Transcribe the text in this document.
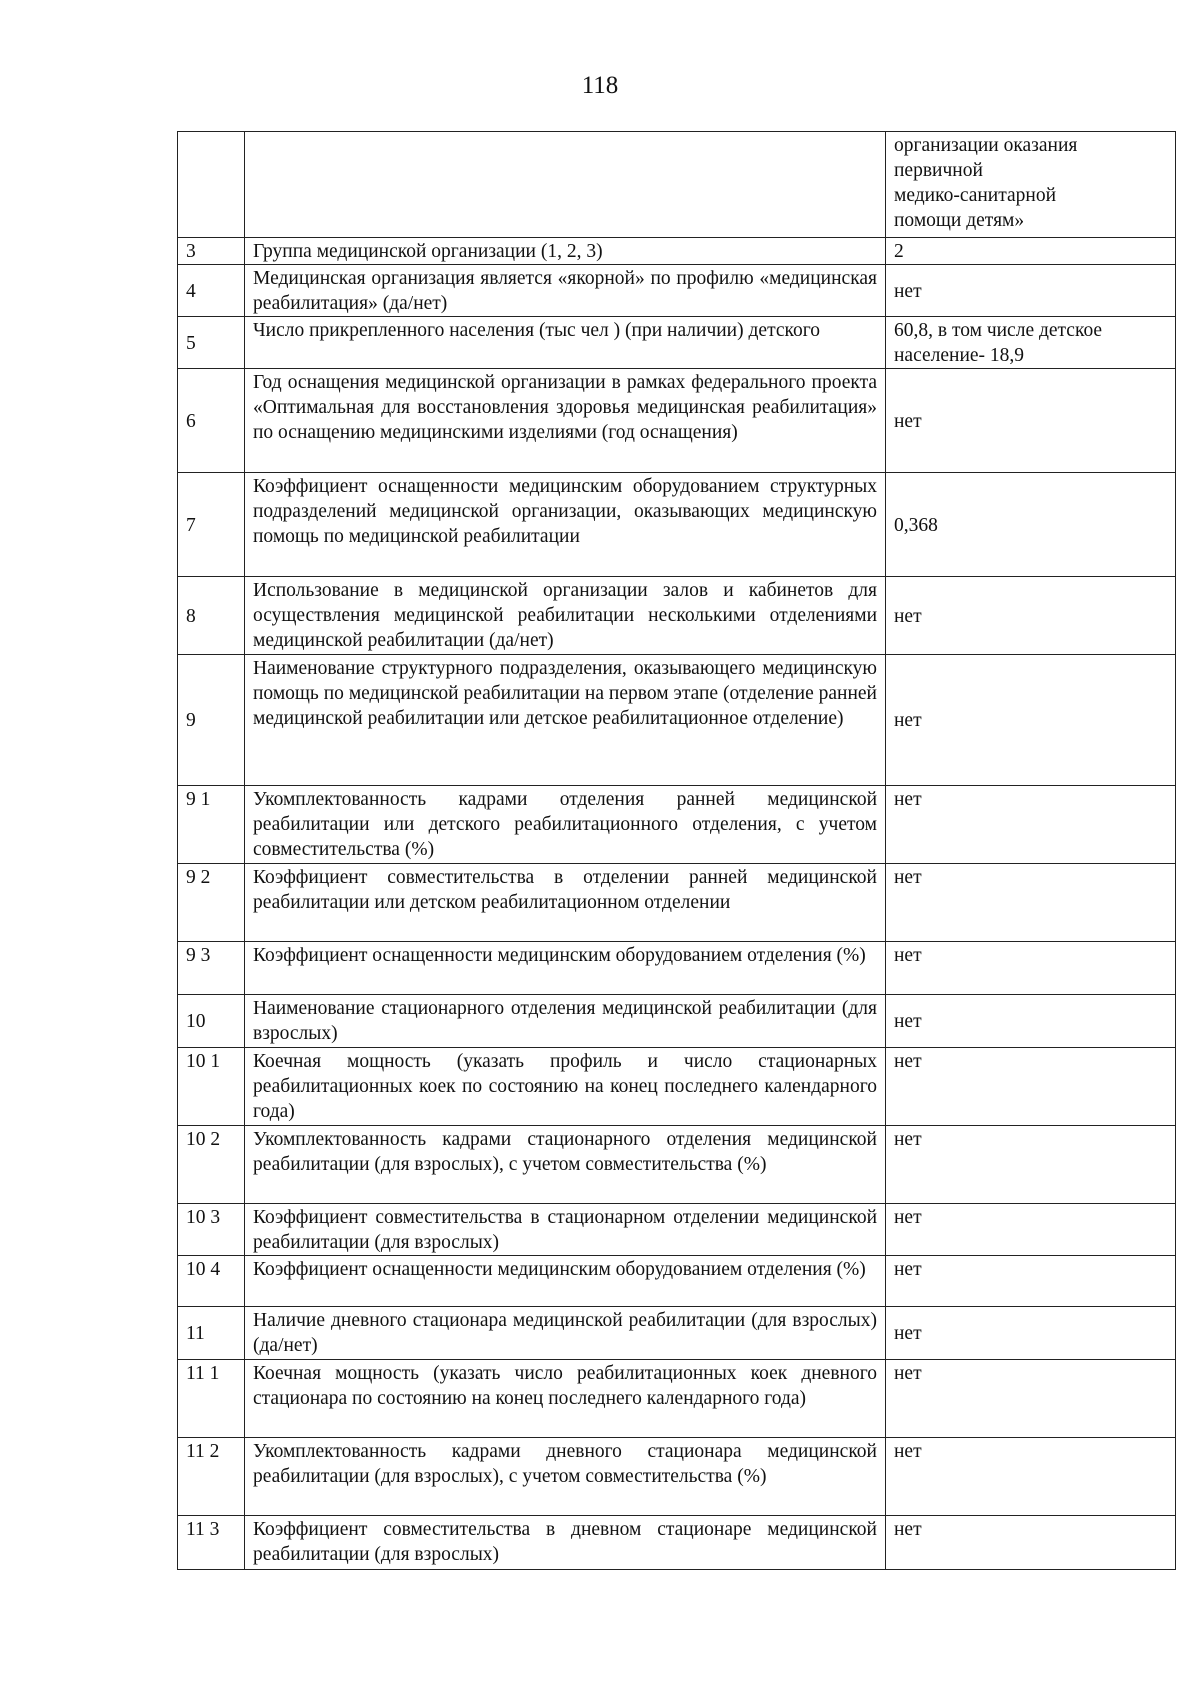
118

		организации оказания
первичной
медико-санитарной
помощи детям»

3	Группа медицинской организации (1, 2, 3)	2
4	Медицинская организация является «якорной» по профилю «медицинская реабилитация» (да/нет)	нет
5	Число прикрепленного населения (тыс чел ) (при наличии) детского	60,8, в том числе детское население- 18,9
6	Год оснащения медицинской организации в рамках федерального проекта «Оптимальная для восстановления здоровья медицинская реабилитация» по оснащению медицинскими изделиями (год оснащения)	нет
7	Коэффициент оснащенности медицинским оборудованием структурных подразделений медицинской организации, оказывающих медицинскую помощь по медицинской реабилитации	0,368
8	Использование в медицинской организации залов и кабинетов для осуществления медицинской реабилитации несколькими отделениями медицинской реабилитации (да/нет)	нет
9	Наименование структурного подразделения, оказывающего медицинскую помощь по медицинской реабилитации на первом этапе (отделение ранней медицинской реабилитации или детское реабилитационное отделение)	нет
9 1	Укомплектованность кадрами отделения ранней медицинской реабилитации или детского реабилитационного отделения, с учетом совместительства (%)	нет
9 2	Коэффициент совместительства в отделении ранней медицинской реабилитации или детском реабилитационном отделении	нет
9 3	Коэффициент оснащенности медицинским оборудованием отделения (%)	нет
10	Наименование стационарного отделения медицинской реабилитации (для взрослых)	нет
10 1	Коечная мощность (указать профиль и число стационарных реабилитационных коек по состоянию на конец последнего календарного года)	нет
10 2	Укомплектованность кадрами стационарного отделения медицинской реабилитации (для взрослых), с учетом совместительства (%)	нет
10 3	Коэффициент совместительства в стационарном отделении медицинской реабилитации (для взрослых)	нет
10 4	Коэффициент оснащенности медицинским оборудованием отделения (%)	нет
11	Наличие дневного стационара медицинской реабилитации (для взрослых) (да/нет)	нет
11 1	Коечная мощность (указать число реабилитационных коек дневного стационара по состоянию на конец последнего календарного года)	нет
11 2	Укомплектованность кадрами дневного стационара медицинской реабилитации (для взрослых), с учетом совместительства (%)	нет
11 3	Коэффициент совместительства в дневном стационаре медицинской реабилитации (для взрослых)	нет
